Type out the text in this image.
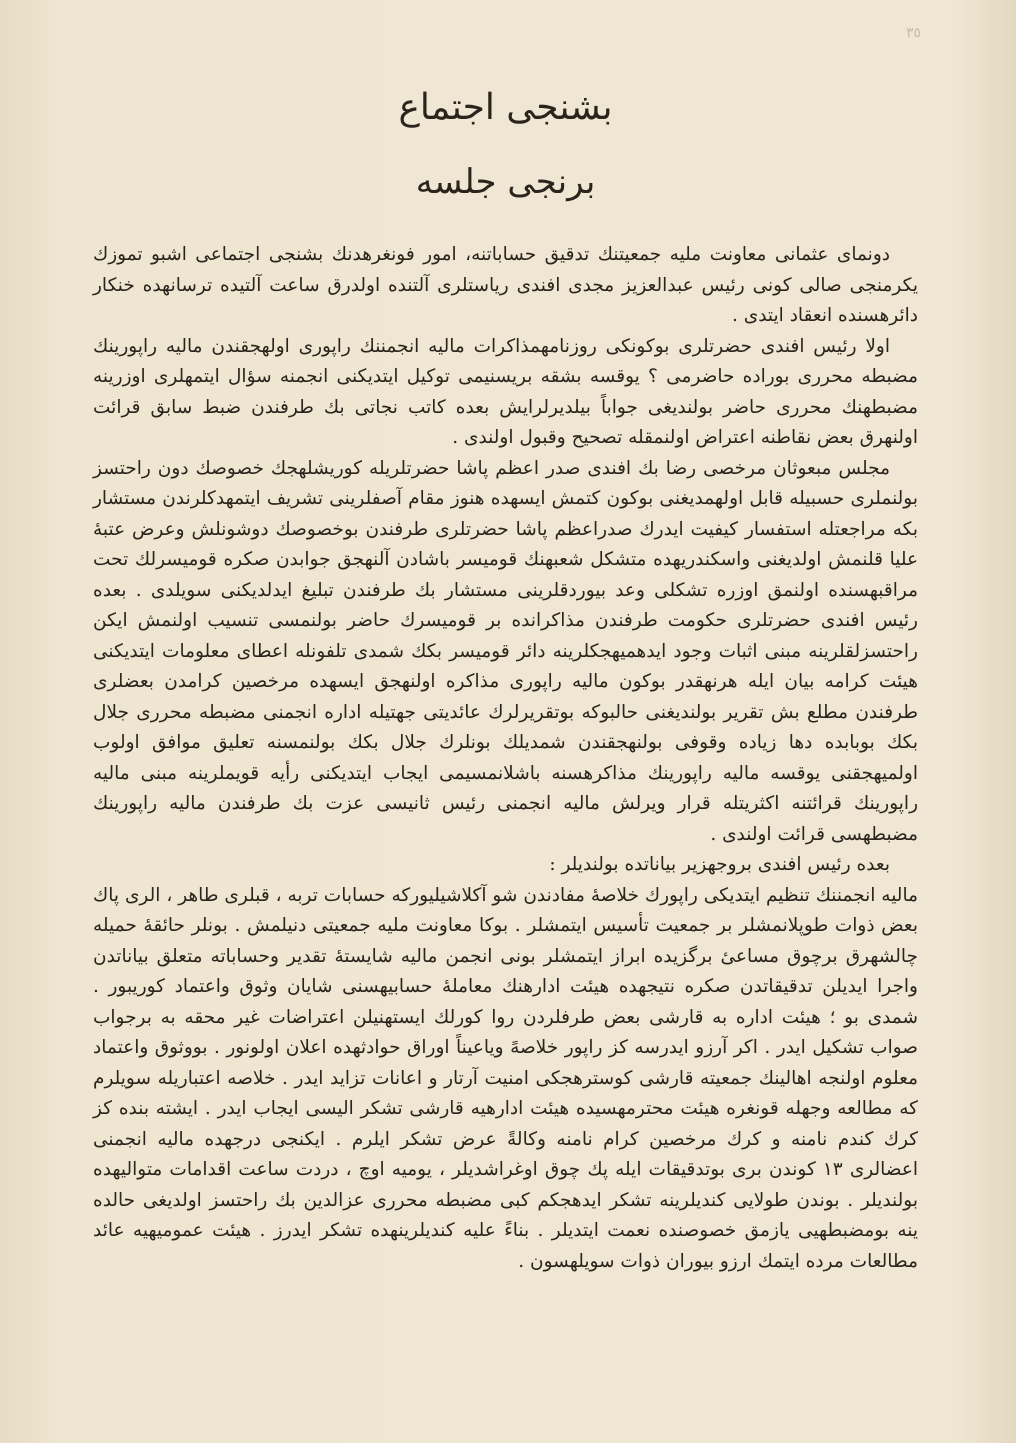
٣٥
بشنجی اجتماع
برنجی جلسه

دونمای عثمانی معاونت ملیه جمعیتنك تدقیق حساباتنه، امور فونغرهدنك بشنجی اجتماعی اشبو تموزك یكرمنجی صالی كونی رئیس عبدالعزیز مجدی افندی ریاستلری آلتنده اولدرق ساعت آلتیده ترسانهده خنكار دائرهسنده انعقاد ایتدی .

اولا رئیس افندی حضرتلری بوكونكی روزنامهمذاكرات مالیه انجمننك راپوری اولهجقندن مالیه راپورینك مضبطه محرری بوراده حاضرمی ؟ یوقسه بشقه بریسنیمی توكیل ایتدیكنی انجمنه سؤال ایتمهلری اوزرینه مضبطهنك محرری حاضر بولندیغی جواباً بیلدیرلرایش بعده كاتب نجاتی بك طرفندن ضبط سابق قرائت اولنهرق بعض نقاطنه اعتراض اولنمقله تصحیح وقبول اولندی .

مجلس مبعوثان مرخصی رضا بك افندی صدر اعظم پاشا حضرتلریله كوریشلهجك خصوصك دون راحتسز بولنملری حسبیله قابل اولهمدیغنی بوكون كتمش ایسهده هنوز مقام آصفلرینی تشریف ایتمهدكلرندن مستشار بكه مراجعتله استفسار كیفیت ایدرك صدراعظم پاشا حضرتلری طرفندن بوخصوصك دوشونلش وعرض عتبهٔ علیا قلنمش اولدیغنی واسكندریهده متشكل شعبهنك قومیسر باشادن آلنهجق جوابدن صكره قومیسرلك تحت مراقبهسنده اولنمق اوزره تشكلی وعد بیوردقلرینی مستشار بك طرفندن تبلیغ ایدلدیكنی سویلدی . بعده رئیس افندی حضرتلری حكومت طرفندن مذاكرانده بر قومیسرك حاضر بولنمسی تنسیب اولنمش ایكن راحتسزلقلرینه مبنی اثبات وجود ایدهمیهجكلرینه دائر قومیسر بكك شمدی تلفونله اعطای معلومات ایتدیكنی هیئت كرامه بیان ایله هرنهقدر بوكون مالیه راپوری مذاكره اولنهجق ایسهده مرخصین كرامدن بعضلری طرفندن مطلع بش تقریر بولندیغنی حالبوكه بوتقریرلرك عائدیتی جهتیله اداره انجمنی مضبطه محرری جلال بكك بوبابده دها زیاده وقوفی بولنهجقندن شمدیلك بونلرك جلال بكك بولنمسنه تعلیق موافق اولوب اولمیهجقنی یوقسه مالیه راپورینك مذاكرهسنه باشلانمسیمی ایجاب ایتدیكنی رأیه قویملرینه مبنی مالیه راپورینك قرائتنه اكثریتله قرار ویرلش مالیه انجمنی رئیس ثانیسی عزت بك طرفندن مالیه راپورینك مضبطهسی قرائت اولندی .

بعده رئیس افندی بروجهزیر بیاناتده بولندیلر :

مالیه انجمننك تنظیم ایتدیكی راپورك خلاصهٔ مفادندن شو آكلاشیلیوركه حسابات تربه ، قبلری طاهر ، الری پاك بعض ذوات طوپلانمشلر بر جمعیت تأسیس ایتمشلر . بوكا معاونت ملیه جمعیتی دنیلمش . بونلر حائقهٔ حمیله چالشهرق برچوق مساعیٔ برگزیده ابراز ایتمشلر بونی انجمن مالیه شایستهٔ تقدیر وحساباته متعلق بیاناتدن واجرا ایدیلن تدقیقاتدن صكره نتیجهده هیئت ادارهنك معاملهٔ حسابیهسنی شایان وثوق واعتماد كوریبور . شمدی بو ؛ هیئت اداره به قارشی بعض طرفلردن روا كورلك ایستهنیلن اعتراضات غیر محقه به برجواب صواب تشكیل ایدر . اكر آرزو ایدرسه كز راپور خلاصهً ویاعیناً اوراق حوادثهده اعلان اولونور . بووثوق واعتماد معلوم اولنجه اهالینك جمعیته قارشی كوسترهجكی امنیت آرتار و اعانات تزاید ایدر . خلاصه اعتباریله سویلرم كه مطالعه وجهله قونغره هیئت محترمهسیده هیئت ادارهیه قارشی تشكر الیسی ایجاب ایدر . ایشته بنده كز كرك كندم نامنه و كرك مرخصین كرام نامنه وكالةً عرض تشكر ایلرم . ایكنجی درجهده مالیه انجمنی اعضالری ١٣ كوندن بری بوتدقیقات ایله پك چوق اوغراشدیلر ، یومیه اوچ ، دردت ساعت اقدامات متوالیهده بولندیلر . بوندن طولایی كندیلرینه تشكر ایدهجكم كبی مضبطه محرری عزالدین بك راحتسز اولدیغی حالده ینه بومضبطهیی یازمق خصوصنده نعمت ایتدیلر . بناءً علیه كندیلرینهده تشكر ایدرز . هیئت عمومیهیه عائد مطالعات مرده ایتمك ارزو بیوران ذوات سویلهسون .
